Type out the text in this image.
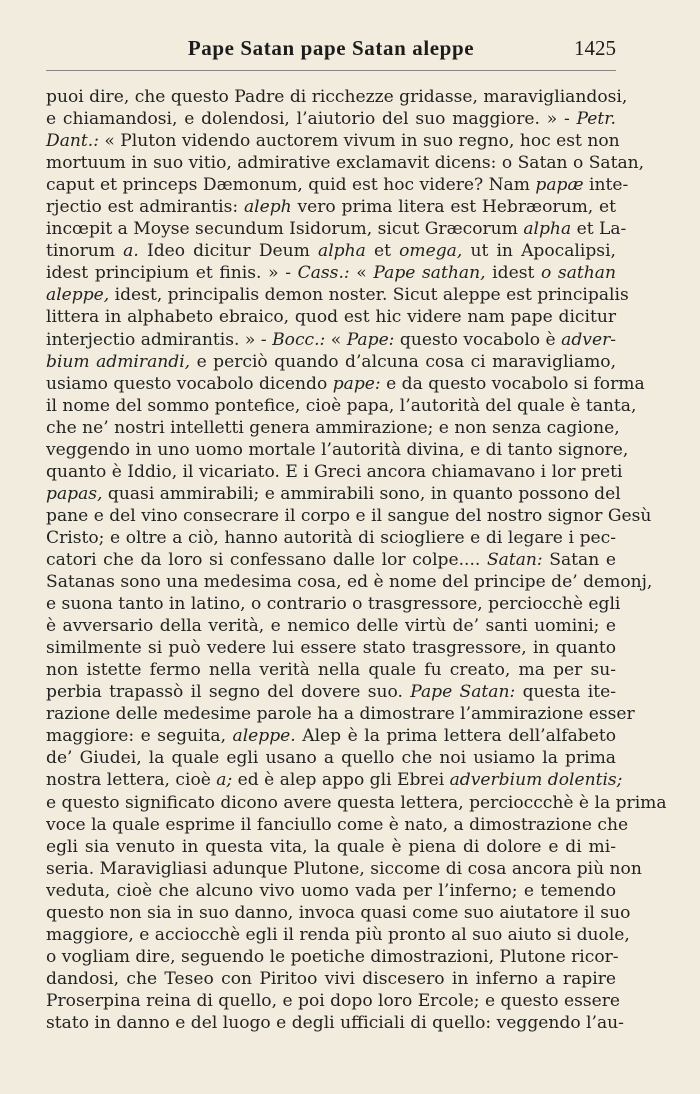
Pape Satan pape Satan aleppe	1425
puoi dire, che questo Padre di ricchezze gridasse, maravigliandosi,
e chiamandosi, e dolendosi, l’aiutorio del suo maggiore. » - Petr.
Dant.: « Pluton videndo auctorem vivum in suo regno, hoc est non
mortuum in suo vitio, admirative exclamavit dicens: o Satan o Satan,
caput et princeps Dæmonum, quid est hoc videre? Nam papæ inte-
rjectio est admirantis: aleph vero prima litera est Hebræorum, et
incœpit a Moyse secundum Isidorum, sicut Græcorum alpha et La-
tinorum a. Ideo dicitur Deum alpha et omega, ut in Apocalipsi,
idest principium et finis. » - Cass.: « Pape sathan, idest o sathan
aleppe, idest, principalis demon noster. Sicut aleppe est principalis
littera in alphabeto ebraico, quod est hic videre nam pape dicitur
interjectio admirantis. » - Bocc.: « Pape: questo vocabolo è adver-
bium admirandi, e perciò quando d’alcuna cosa ci maravigliamo,
usiamo questo vocabolo dicendo pape: e da questo vocabolo si forma
il nome del sommo pontefice, cioè papa, l’autorità del quale è tanta,
che ne’ nostri intelletti genera ammirazione; e non senza cagione,
veggendo in uno uomo mortale l’autorità divina, e di tanto signore,
quanto è Iddio, il vicariato. E i Greci ancora chiamavano i lor preti
papas, quasi ammirabili; e ammirabili sono, in quanto possono del
pane e del vino consecrare il corpo e il sangue del nostro signor Gesù
Cristo; e oltre a ciò, hanno autorità di sciogliere e di legare i pec-
catori che da loro si confessano dalle lor colpe.... Satan: Satan e
Satanas sono una medesima cosa, ed è nome del principe de’ demonj,
e suona tanto in latino, o contrario o trasgressore, perciocchè egli
è avversario della verità, e nemico delle virtù de’ santi uomini; e
similmente si può vedere lui essere stato trasgressore, in quanto
non istette fermo nella verità nella quale fu creato, ma per su-
perbia trapassò il segno del dovere suo. Pape Satan: questa ite-
razione delle medesime parole ha a dimostrare l’ammirazione esser
maggiore: e seguita, aleppe. Alep è la prima lettera dell’alfabeto
de’ Giudei, la quale egli usano a quello che noi usiamo la prima
nostra lettera, cioè a; ed è alep appo gli Ebrei adverbium dolentis;
e questo significato dicono avere questa lettera, percioccchè è la prima
voce la quale esprime il fanciullo come è nato, a dimostrazione che
egli sia venuto in questa vita, la quale è piena di dolore e di mi-
seria. Maravigliasi adunque Plutone, siccome di cosa ancora più non
veduta, cioè che alcuno vivo uomo vada per l’inferno; e temendo
questo non sia in suo danno, invoca quasi come suo aiutatore il suo
maggiore, e acciocchè egli il renda più pronto al suo aiuto si duole,
o vogliam dire, seguendo le poetiche dimostrazioni, Plutone ricor-
dandosi, che Teseo con Piritoo vivi discesero in inferno a rapire
Proserpina reina di quello, e poi dopo loro Ercole; e questo essere
stato in danno e del luogo e degli ufficiali di quello: veggendo l’au-
